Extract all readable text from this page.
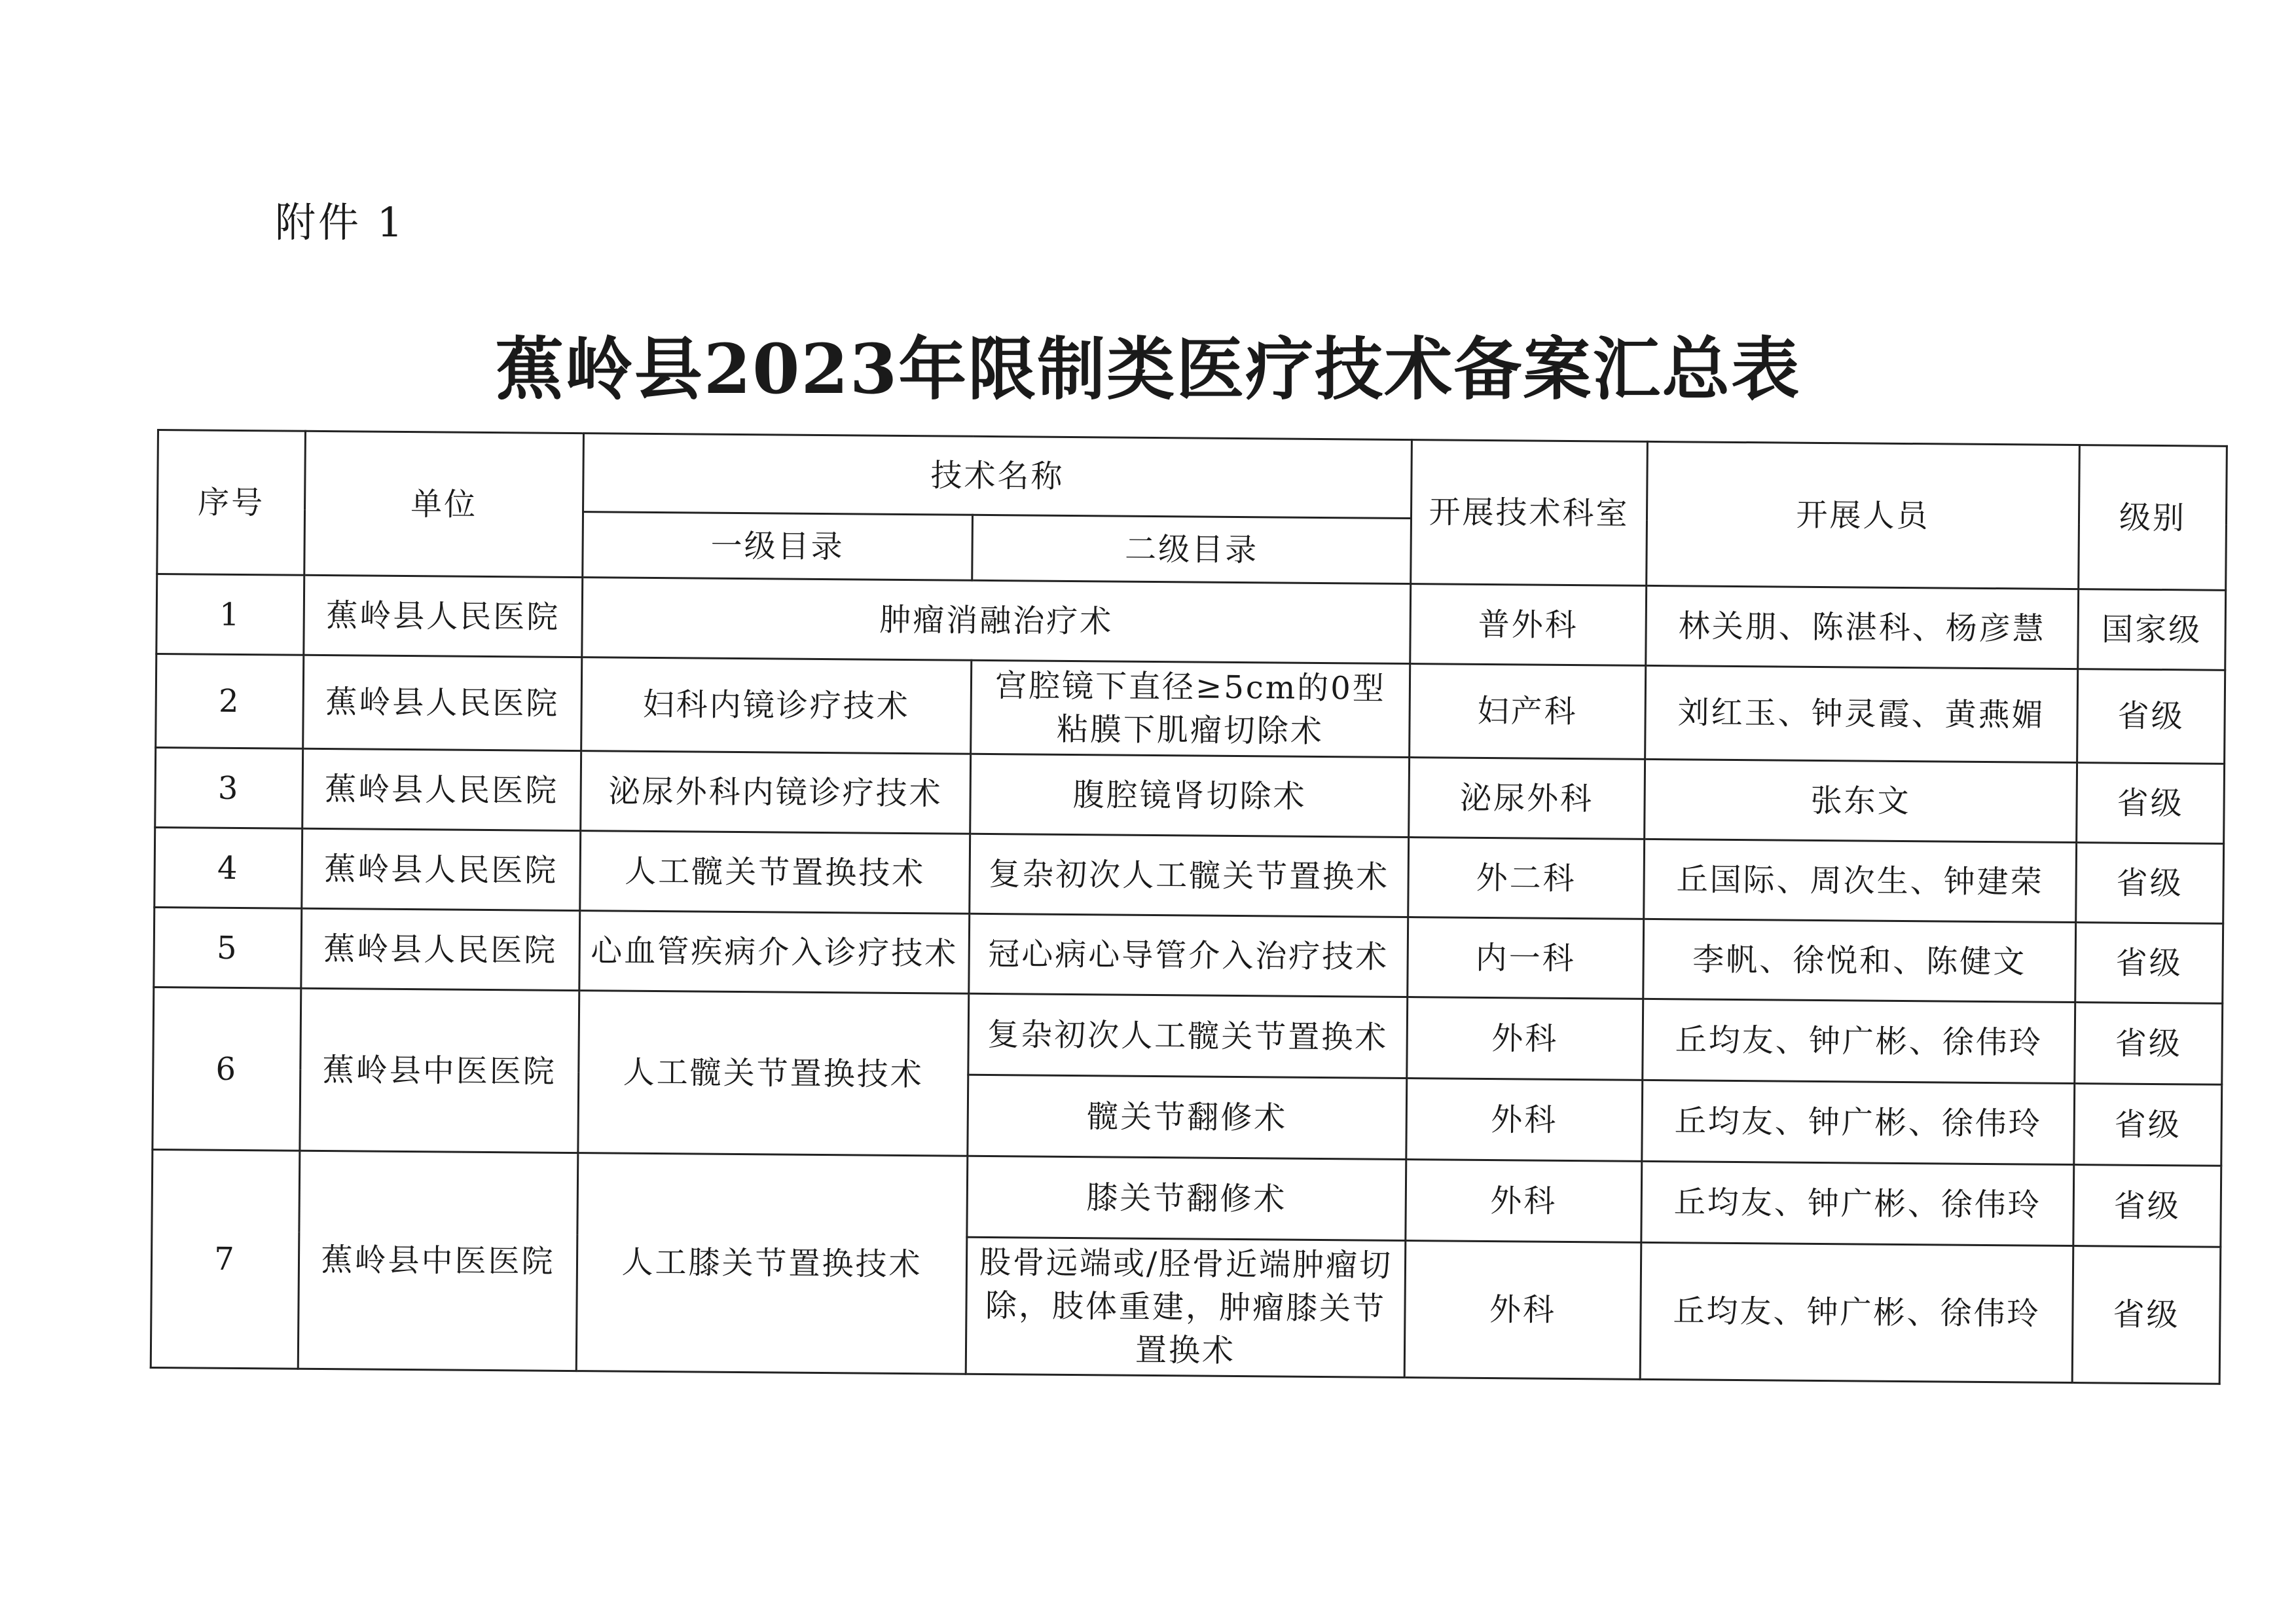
附件 1
蕉岭县2023年限制类医疗技术备案汇总表
序号	单位	技术名称		开展技术科室	开展人员	级别
		一级目录	二级目录			
1	蕉岭县人民医院	肿瘤消融治疗术		普外科	林关朋、陈湛科、杨彦慧	国家级
2	蕉岭县人民医院	妇科内镜诊疗技术	宫腔镜下直径≥5cm的0型粘膜下肌瘤切除术	妇产科	刘红玉、钟灵霞、黄燕媚	省级
3	蕉岭县人民医院	泌尿外科内镜诊疗技术	腹腔镜肾切除术	泌尿外科	张东文	省级
4	蕉岭县人民医院	人工髋关节置换技术	复杂初次人工髋关节置换术	外二科	丘国际、周次生、钟建荣	省级
5	蕉岭县人民医院	心血管疾病介入诊疗技术	冠心病心导管介入治疗技术	内一科	李帆、徐悦和、陈健文	省级
6	蕉岭县中医医院	人工髋关节置换技术	复杂初次人工髋关节置换术	外科	丘均友、钟广彬、徐伟玲	省级
			髋关节翻修术	外科	丘均友、钟广彬、徐伟玲	省级
7	蕉岭县中医医院	人工膝关节置换技术	膝关节翻修术	外科	丘均友、钟广彬、徐伟玲	省级
			股骨远端或/胫骨近端肿瘤切除，肢体重建，肿瘤膝关节置换术	外科	丘均友、钟广彬、徐伟玲	省级
